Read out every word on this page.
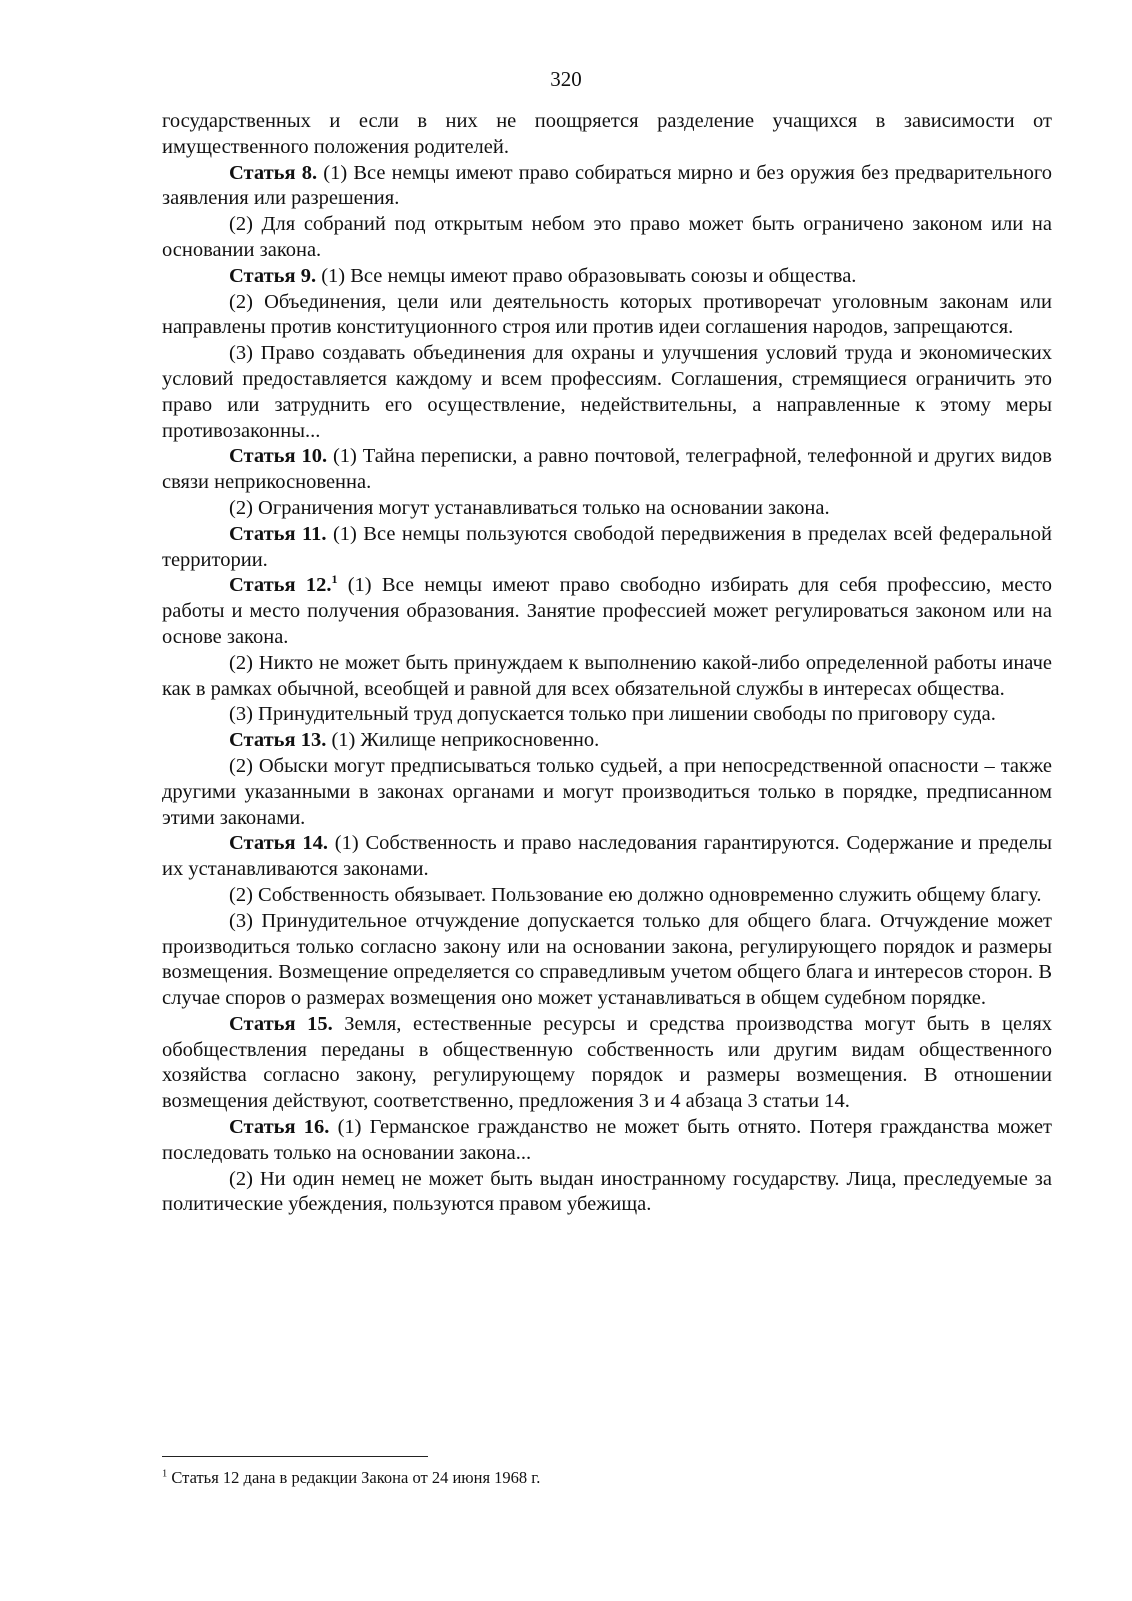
320

государственных и если в них не поощряется разделение учащихся в зависимости от имущественного положения родителей.

Статья 8. (1) Все немцы имеют право собираться мирно и без оружия без предварительного заявления или разрешения.

(2) Для собраний под открытым небом это право может быть ограничено законом или на основании закона.

Статья 9. (1) Все немцы имеют право образовывать союзы и общества.

(2) Объединения, цели или деятельность которых противоречат уголовным законам или направлены против конституционного строя или против идеи соглашения народов, запрещаются.

(3) Право создавать объединения для охраны и улучшения условий труда и экономических условий предоставляется каждому и всем профессиям. Соглашения, стремящиеся ограничить это право или затруднить его осуществление, недействительны, а направленные к этому меры противозаконны...

Статья 10. (1) Тайна переписки, а равно почтовой, телеграфной, телефонной и других видов связи неприкосновенна.

(2) Ограничения могут устанавливаться только на основании закона.

Статья 11. (1) Все немцы пользуются свободой передвижения в пределах всей федеральной территории.

Статья 12.$^1$ (1) Все немцы имеют право свободно избирать для себя профессию, место работы и место получения образования. Занятие профессией может регулироваться законом или на основе закона.

(2) Никто не может быть принуждаем к выполнению какой-либо определенной работы иначе как в рамках обычной, всеобщей и равной для всех обязательной службы в интересах общества.

(3) Принудительный труд допускается только при лишении свободы по приговору суда.

Статья 13. (1) Жилище неприкосновенно.

(2) Обыски могут предписываться только судьей, а при непосредственной опасности – также другими указанными в законах органами и могут производиться только в порядке, предписанном этими законами.

Статья 14. (1) Собственность и право наследования гарантируются. Содержание и пределы их устанавливаются законами.

(2) Собственность обязывает. Пользование ею должно одновременно служить общему благу.

(3) Принудительное отчуждение допускается только для общего блага. Отчуждение может производиться только согласно закону или на основании закона, регулирующего порядок и размеры возмещения. Возмещение определяется со справедливым учетом общего блага и интересов сторон. В случае споров о размерах возмещения оно может устанавливаться в общем судебном порядке.

Статья 15. Земля, естественные ресурсы и средства производства могут быть в целях обобществления переданы в общественную собственность или другим видам общественного хозяйства согласно закону, регулирующему порядок и размеры возмещения. В отношении возмещения действуют, соответственно, предложения 3 и 4 абзаца 3 статьи 14.

Статья 16. (1) Германское гражданство не может быть отнято. Потеря гражданства может последовать только на основании закона...

(2) Ни один немец не может быть выдан иностранному государству. Лица, преследуемые за политические убеждения, пользуются правом убежища.

$^1$ Статья 12 дана в редакции Закона от 24 июня 1968 г.
